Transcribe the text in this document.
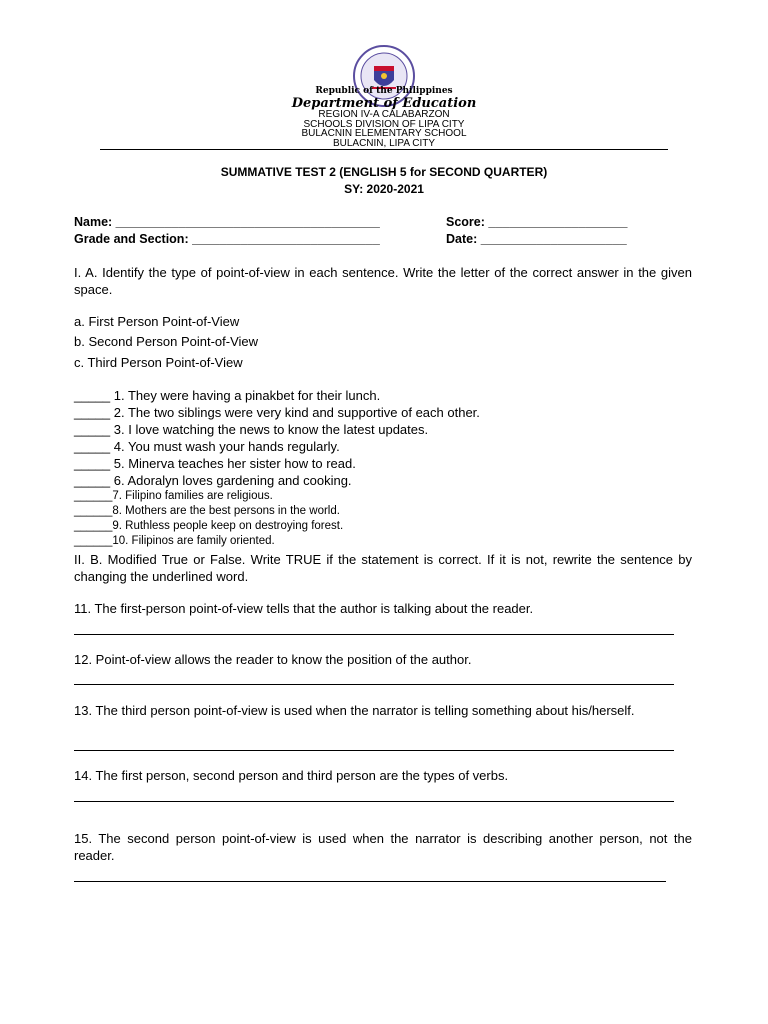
Republic of the Philippines
Department of Education
REGION IV-A CALABARZON
SCHOOLS DIVISION OF LIPA CITY
BULACNIN ELEMENTARY SCHOOL
BULACNIN, LIPA CITY
SUMMATIVE TEST 2 (ENGLISH 5 for SECOND QUARTER)
SY: 2020-2021
Name: ______________________________________	Score: ____________________
Grade and Section: ___________________________	Date: _____________________
I. A. Identify the type of point-of-view in each sentence. Write the letter of the correct answer in the given space.
a. First Person Point-of-View
b. Second Person Point-of-View
c. Third Person Point-of-View
_____ 1. They were having a pinakbet for their lunch.
_____ 2. The two siblings were very kind and supportive of each other.
_____ 3. I love watching the news to know the latest updates.
_____ 4. You must wash your hands regularly.
_____ 5. Minerva teaches her sister how to read.
_____ 6. Adoralyn loves gardening and cooking.
______7. Filipino families are religious.
______8. Mothers are the best persons in the world.
______9. Ruthless people keep on destroying forest.
______10. Filipinos are family oriented.
II. B. Modified True or False. Write TRUE if the statement is correct. If it is not, rewrite the sentence by changing the underlined word.
11. The first-person point-of-view tells that the author is talking about the reader.
12. Point-of-view allows the reader to know the position of the author.
13. The third person point-of-view is used when the narrator is telling something about his/herself.
14. The first person, second person and third person are the types of verbs.
15. The second person point-of-view is used when the narrator is describing another person, not the reader.
